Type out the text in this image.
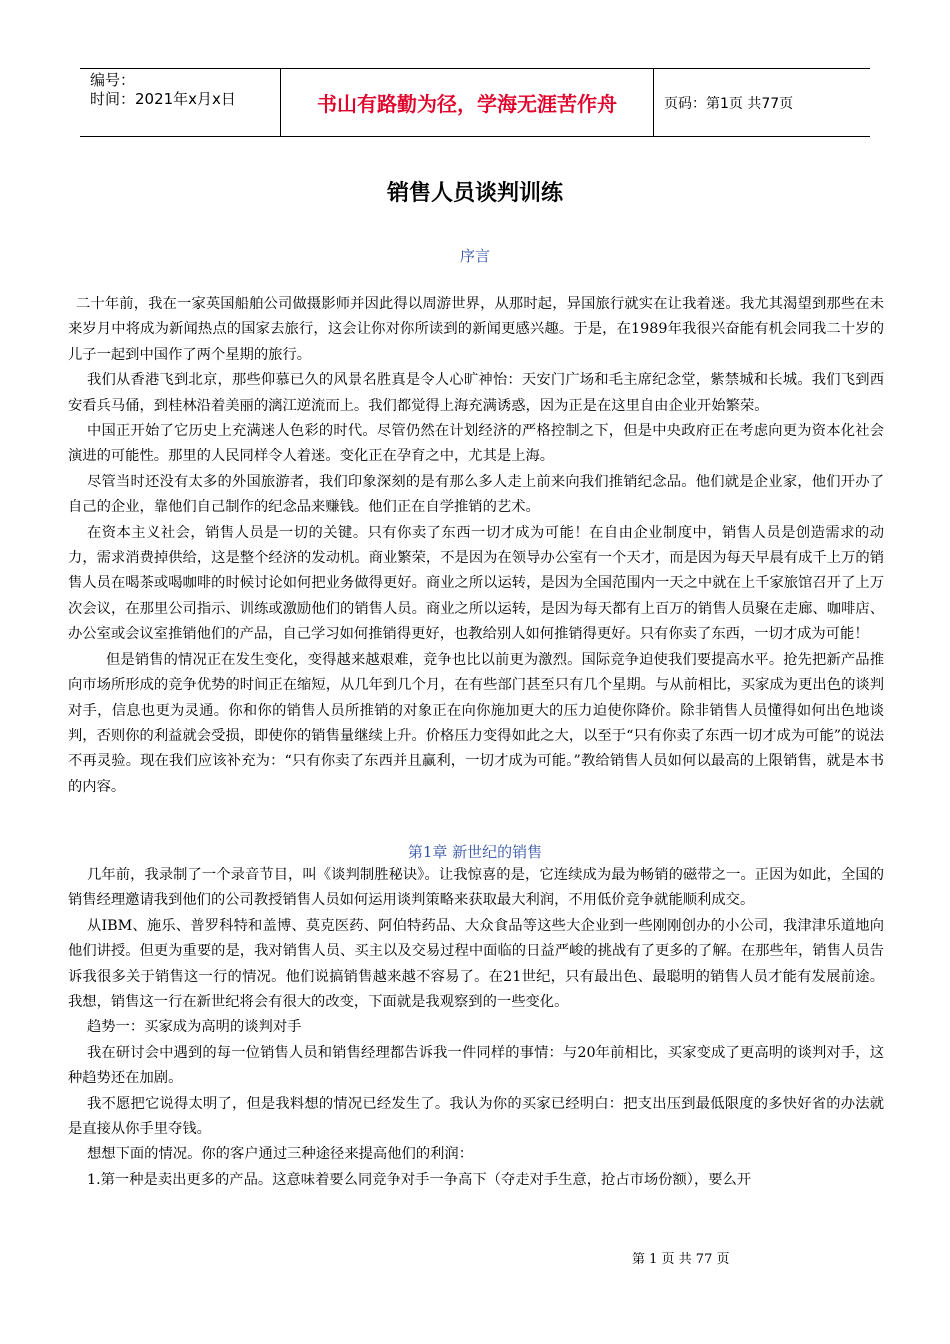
编号：
时间：2021年x月x日	书山有路勤为径，学海无涯苦作舟	页码：第1页 共77页
销售人员谈判训练
序言

二十年前，我在一家英国船舶公司做摄影师并因此得以周游世界，从那时起，异国旅行就实在让我着迷。我尤其渴望到那些在未来岁月中将成为新闻热点的国家去旅行，这会让你对你所读到的新闻更感兴趣。于是，在1989年我很兴奋能有机会同我二十岁的儿子一起到中国作了两个星期的旅行。

我们从香港飞到北京，那些仰慕已久的风景名胜真是令人心旷神怡：天安门广场和毛主席纪念堂，紫禁城和长城。我们飞到西安看兵马俑，到桂林沿着美丽的漓江逆流而上。我们都觉得上海充满诱惑，因为正是在这里自由企业开始繁荣。

中国正开始了它历史上充满迷人色彩的时代。尽管仍然在计划经济的严格控制之下，但是中央政府正在考虑向更为资本化社会演进的可能性。那里的人民同样令人着迷。变化正在孕育之中，尤其是上海。

尽管当时还没有太多的外国旅游者，我们印象深刻的是有那么多人走上前来向我们推销纪念品。他们就是企业家，他们开办了自己的企业，靠他们自己制作的纪念品来赚钱。他们正在自学推销的艺术。

在资本主义社会，销售人员是一切的关键。只有你卖了东西一切才成为可能！在自由企业制度中，销售人员是创造需求的动力，需求消费掉供给，这是整个经济的发动机。商业繁荣，不是因为在领导办公室有一个天才，而是因为每天早晨有成千上万的销售人员在喝茶或喝咖啡的时候讨论如何把业务做得更好。商业之所以运转，是因为全国范围内一天之中就在上千家旅馆召开了上万次会议，在那里公司指示、训练或激励他们的销售人员。商业之所以运转，是因为每天都有上百万的销售人员聚在走廊、咖啡店、办公室或会议室推销他们的产品，自己学习如何推销得更好，也教给别人如何推销得更好。只有你卖了东西，一切才成为可能！

但是销售的情况正在发生变化，变得越来越艰难，竞争也比以前更为激烈。国际竞争迫使我们要提高水平。抢先把新产品推向市场所形成的竞争优势的时间正在缩短，从几年到几个月，在有些部门甚至只有几个星期。与从前相比，买家成为更出色的谈判对手，信息也更为灵通。你和你的销售人员所推销的对象正在向你施加更大的压力迫使你降价。除非销售人员懂得如何出色地谈判，否则你的利益就会受损，即使你的销售量继续上升。价格压力变得如此之大，以至于“只有你卖了东西一切才成为可能”的说法不再灵验。现在我们应该补充为：“只有你卖了东西并且赢利，一切才成为可能。”教给销售人员如何以最高的上限销售，就是本书的内容。

第1章 新世纪的销售

几年前，我录制了一个录音节目，叫《谈判制胜秘诀》。让我惊喜的是，它连续成为最为畅销的磁带之一。正因为如此，全国的销售经理邀请我到他们的公司教授销售人员如何运用谈判策略来获取最大利润，不用低价竞争就能顺利成交。

从IBM、施乐、普罗科特和盖博、莫克医药、阿伯特药品、大众食品等这些大企业到一些刚刚创办的小公司，我津津乐道地向他们讲授。但更为重要的是，我对销售人员、买主以及交易过程中面临的日益严峻的挑战有了更多的了解。在那些年，销售人员告诉我很多关于销售这一行的情况。他们说搞销售越来越不容易了。在21世纪，只有最出色、最聪明的销售人员才能有发展前途。我想，销售这一行在新世纪将会有很大的改变，下面就是我观察到的一些变化。

趋势一：买家成为高明的谈判对手

我在研讨会中遇到的每一位销售人员和销售经理都告诉我一件同样的事情：与20年前相比，买家变成了更高明的谈判对手，这种趋势还在加剧。

我不愿把它说得太明了，但是我料想的情况已经发生了。我认为你的买家已经明白：把支出压到最低限度的多快好省的办法就是直接从你手里夺钱。

想想下面的情况。你的客户通过三种途径来提高他们的利润：

1.第一种是卖出更多的产品。这意味着要么同竞争对手一争高下（夺走对手生意，抢占市场份额），要么开

第 1 页 共 77 页
